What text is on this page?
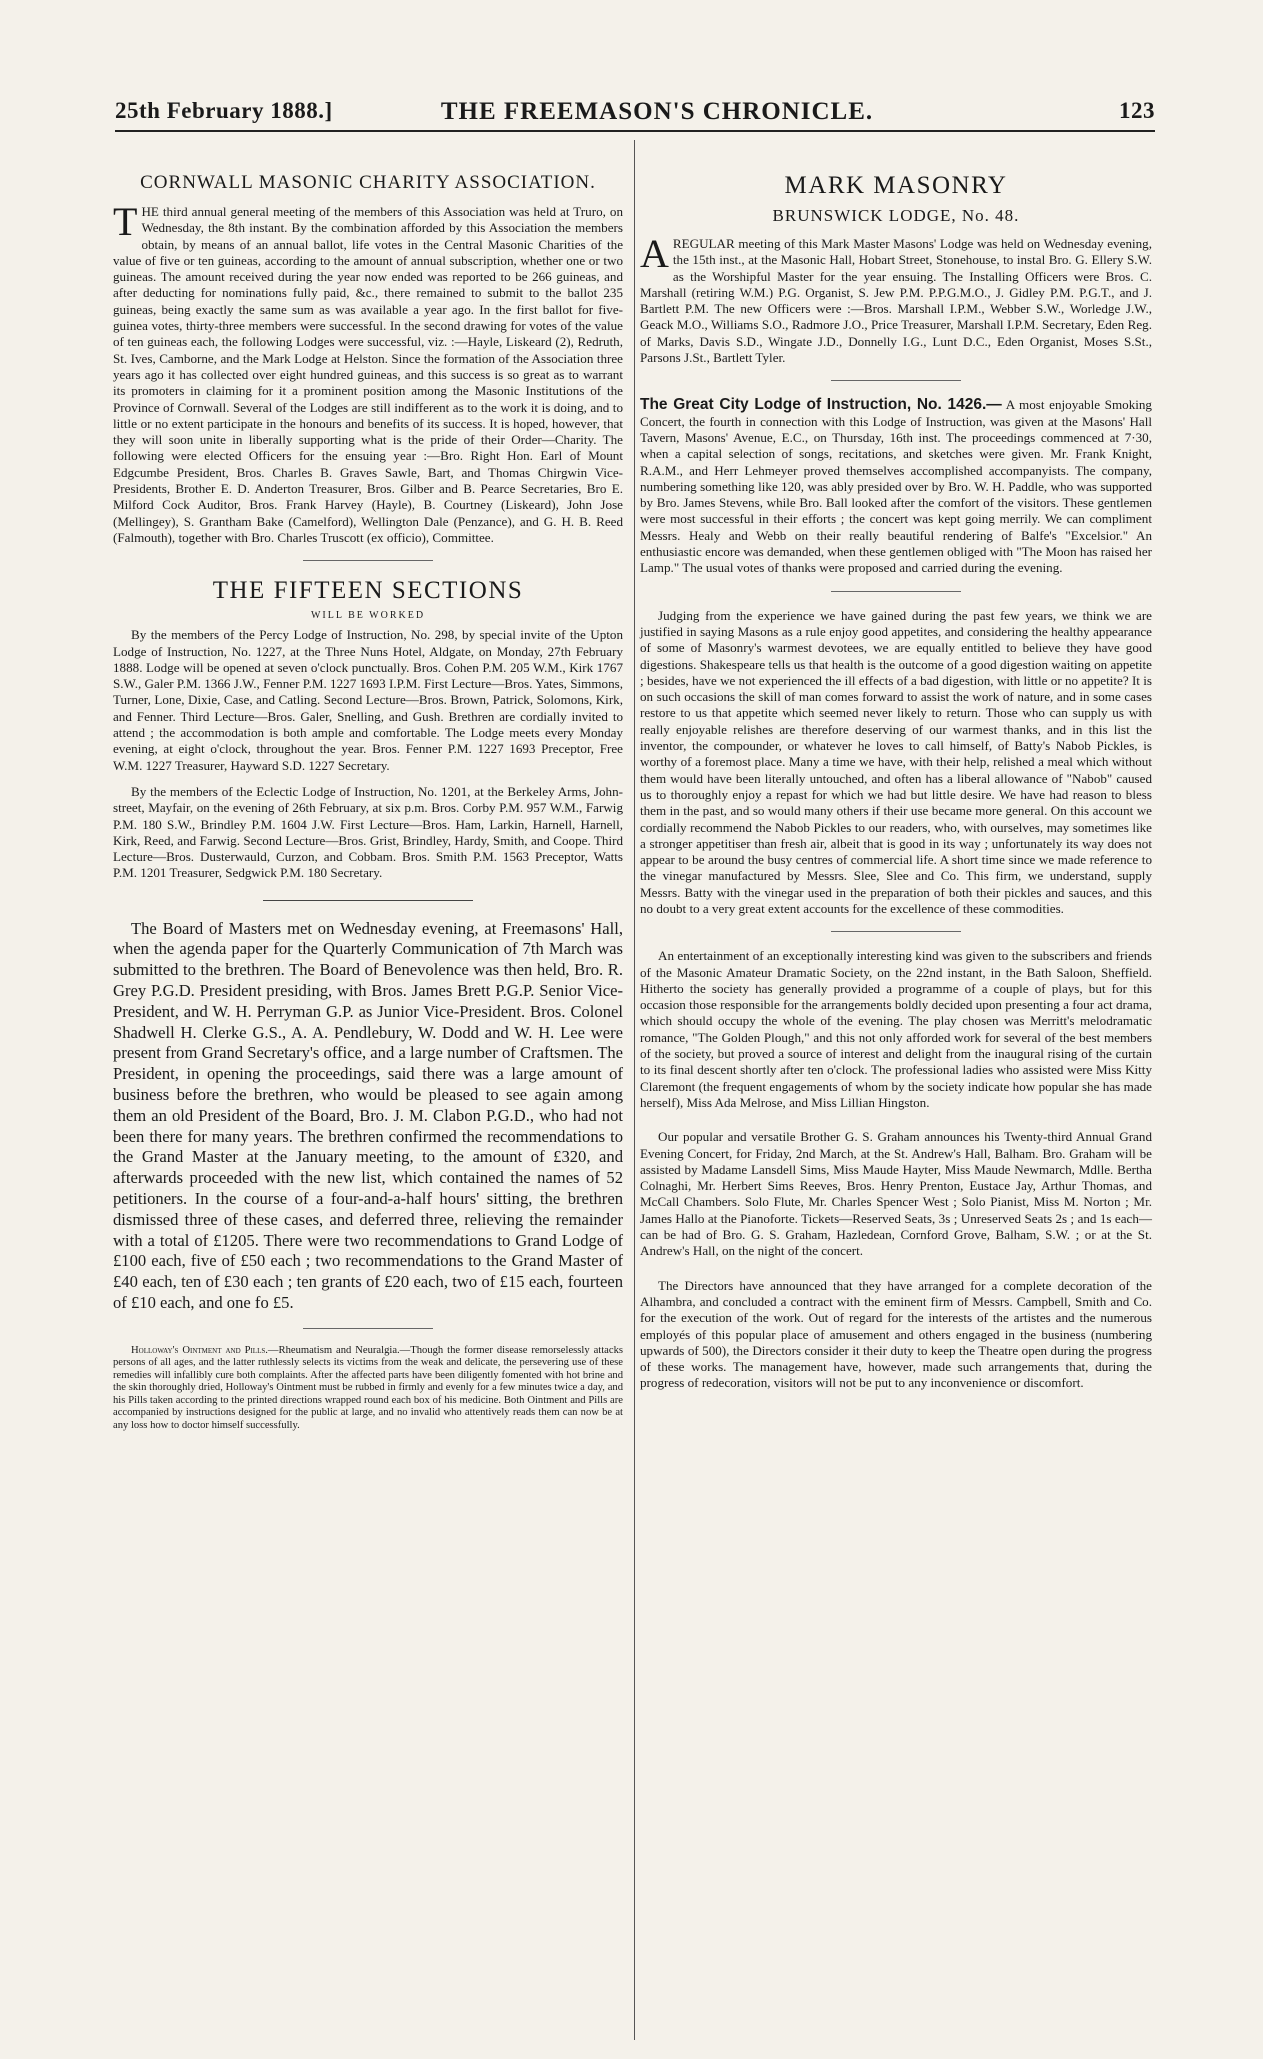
25th February 1888.]	THE FREEMASON'S CHRONICLE.	123
CORNWALL MASONIC CHARITY ASSOCIATION.

THE third annual general meeting of the members of this Association was held at Truro, on Wednesday, the 8th instant. By the combination afforded by this Association the members obtain, by means of an annual ballot, life votes in the Central Masonic Charities of the value of five or ten guineas, according to the amount of annual subscription, whether one or two guineas. The amount received during the year now ended was reported to be 266 guineas, and after deducting for nominations fully paid, &c., there remained to submit to the ballot 235 guineas, being exactly the same sum as was available a year ago. In the first ballot for five-guinea votes, thirty-three members were successful. In the second drawing for votes of the value of ten guineas each, the following Lodges were successful, viz. :—Hayle, Liskeard (2), Redruth, St. Ives, Camborne, and the Mark Lodge at Helston. Since the formation of the Association three years ago it has collected over eight hundred guineas, and this success is so great as to warrant its promoters in claiming for it a prominent position among the Masonic Institutions of the Province of Cornwall. Several of the Lodges are still indifferent as to the work it is doing, and to little or no extent participate in the honours and benefits of its success. It is hoped, however, that they will soon unite in liberally supporting what is the pride of their Order—Charity. The following were elected Officers for the ensuing year :—Bro. Right Hon. Earl of Mount Edgcumbe President, Bros. Charles B. Graves Sawle, Bart, and Thomas Chirgwin Vice-Presidents, Brother E. D. Anderton Treasurer, Bros. Gilber and B. Pearce Secretaries, Bro E. Milford Cock Auditor, Bros. Frank Harvey (Hayle), B. Courtney (Liskeard), John Jose (Mellingey), S. Grantham Bake (Camelford), Wellington Dale (Penzance), and G. H. B. Reed (Falmouth), together with Bro. Charles Truscott (ex officio), Committee.

THE FIFTEEN SECTIONS
WILL BE WORKED

By the members of the Percy Lodge of Instruction, No. 298, by special invite of the Upton Lodge of Instruction, No. 1227, at the Three Nuns Hotel, Aldgate, on Monday, 27th February 1888. Lodge will be opened at seven o'clock punctually. Bros. Cohen P.M. 205 W.M., Kirk 1767 S.W., Galer P.M. 1366 J.W., Fenner P.M. 1227 1693 I.P.M. First Lecture—Bros. Yates, Simmons, Turner, Lone, Dixie, Case, and Catling. Second Lecture—Bros. Brown, Patrick, Solomons, Kirk, and Fenner. Third Lecture—Bros. Galer, Snelling, and Gush. Brethren are cordially invited to attend ; the accommodation is both ample and comfortable. The Lodge meets every Monday evening, at eight o'clock, throughout the year. Bros. Fenner P.M. 1227 1693 Preceptor, Free W.M. 1227 Treasurer, Hayward S.D. 1227 Secretary.

By the members of the Eclectic Lodge of Instruction, No. 1201, at the Berkeley Arms, John-street, Mayfair, on the evening of 26th February, at six p.m. Bros. Corby P.M. 957 W.M., Farwig P.M. 180 S.W., Brindley P.M. 1604 J.W. First Lecture—Bros. Ham, Larkin, Harnell, Harnell, Kirk, Reed, and Farwig. Second Lecture—Bros. Grist, Brindley, Hardy, Smith, and Coope. Third Lecture—Bros. Dusterwauld, Curzon, and Cobbam. Bros. Smith P.M. 1563 Preceptor, Watts P.M. 1201 Treasurer, Sedgwick P.M. 180 Secretary.

The Board of Masters met on Wednesday evening, at Freemasons' Hall, when the agenda paper for the Quarterly Communication of 7th March was submitted to the brethren. The Board of Benevolence was then held, Bro. R. Grey P.G.D. President presiding, with Bros. James Brett P.G.P. Senior Vice-President, and W. H. Perryman G.P. as Junior Vice-President. Bros. Colonel Shadwell H. Clerke G.S., A. A. Pendlebury, W. Dodd and W. H. Lee were present from Grand Secretary's office, and a large number of Craftsmen. The President, in opening the proceedings, said there was a large amount of business before the brethren, who would be pleased to see again among them an old President of the Board, Bro. J. M. Clabon P.G.D., who had not been there for many years. The brethren confirmed the recommendations to the Grand Master at the January meeting, to the amount of £320, and afterwards proceeded with the new list, which contained the names of 52 petitioners. In the course of a four-and-a-half hours' sitting, the brethren dismissed three of these cases, and deferred three, relieving the remainder with a total of £1205. There were two recommendations to Grand Lodge of £100 each, five of £50 each ; two recommendations to the Grand Master of £40 each, ten of £30 each ; ten grants of £20 each, two of £15 each, fourteen of £10 each, and one fo £5.

Holloway's Ointment and Pills.—Rheumatism and Neuralgia.—Though the former disease remorselessly attacks persons of all ages, and the latter ruthlessly selects its victims from the weak and delicate, the persevering use of these remedies will infallibly cure both complaints. After the affected parts have been diligently fomented with hot brine and the skin thoroughly dried, Holloway's Ointment must be rubbed in firmly and evenly for a few minutes twice a day, and his Pills taken according to the printed directions wrapped round each box of his medicine. Both Ointment and Pills are accompanied by instructions designed for the public at large, and no invalid who attentively reads them can now be at any loss how to doctor himself successfully.

MARK MASONRY
BRUNSWICK LODGE, No. 48.

AREGULAR meeting of this Mark Master Masons' Lodge was held on Wednesday evening, the 15th inst., at the Masonic Hall, Hobart Street, Stonehouse, to instal Bro. G. Ellery S.W. as the Worshipful Master for the year ensuing. The Installing Officers were Bros. C. Marshall (retiring W.M.) P.G. Organist, S. Jew P.M. P.P.G.M.O., J. Gidley P.M. P.G.T., and J. Bartlett P.M. The new Officers were :—Bros. Marshall I.P.M., Webber S.W., Worledge J.W., Geack M.O., Williams S.O., Radmore J.O., Price Treasurer, Marshall I.P.M. Secretary, Eden Reg. of Marks, Davis S.D., Wingate J.D., Donnelly I.G., Lunt D.C., Eden Organist, Moses S.St., Parsons J.St., Bartlett Tyler.

The Great City Lodge of Instruction, No. 1426.— A most enjoyable Smoking Concert, the fourth in connection with this Lodge of Instruction, was given at the Masons' Hall Tavern, Masons' Avenue, E.C., on Thursday, 16th inst. The proceedings commenced at 7·30, when a capital selection of songs, recitations, and sketches were given. Mr. Frank Knight, R.A.M., and Herr Lehmeyer proved themselves accomplished accompanyists. The company, numbering something like 120, was ably presided over by Bro. W. H. Paddle, who was supported by Bro. James Stevens, while Bro. Ball looked after the comfort of the visitors. These gentlemen were most successful in their efforts ; the concert was kept going merrily. We can compliment Messrs. Healy and Webb on their really beautiful rendering of Balfe's "Excelsior." An enthusiastic encore was demanded, when these gentlemen obliged with "The Moon has raised her Lamp." The usual votes of thanks were proposed and carried during the evening.

Judging from the experience we have gained during the past few years, we think we are justified in saying Masons as a rule enjoy good appetites, and considering the healthy appearance of some of Masonry's warmest devotees, we are equally entitled to believe they have good digestions. Shakespeare tells us that health is the outcome of a good digestion waiting on appetite ; besides, have we not experienced the ill effects of a bad digestion, with little or no appetite? It is on such occasions the skill of man comes forward to assist the work of nature, and in some cases restore to us that appetite which seemed never likely to return. Those who can supply us with really enjoyable relishes are therefore deserving of our warmest thanks, and in this list the inventor, the compounder, or whatever he loves to call himself, of Batty's Nabob Pickles, is worthy of a foremost place. Many a time we have, with their help, relished a meal which without them would have been literally untouched, and often has a liberal allowance of "Nabob" caused us to thoroughly enjoy a repast for which we had but little desire. We have had reason to bless them in the past, and so would many others if their use became more general. On this account we cordially recommend the Nabob Pickles to our readers, who, with ourselves, may sometimes like a stronger appetitiser than fresh air, albeit that is good in its way ; unfortunately its way does not appear to be around the busy centres of commercial life. A short time since we made reference to the vinegar manufactured by Messrs. Slee, Slee and Co. This firm, we understand, supply Messrs. Batty with the vinegar used in the preparation of both their pickles and sauces, and this no doubt to a very great extent accounts for the excellence of these commodities.

An entertainment of an exceptionally interesting kind was given to the subscribers and friends of the Masonic Amateur Dramatic Society, on the 22nd instant, in the Bath Saloon, Sheffield. Hitherto the society has generally provided a programme of a couple of plays, but for this occasion those responsible for the arrangements boldly decided upon presenting a four act drama, which should occupy the whole of the evening. The play chosen was Merritt's melodramatic romance, "The Golden Plough," and this not only afforded work for several of the best members of the society, but proved a source of interest and delight from the inaugural rising of the curtain to its final descent shortly after ten o'clock. The professional ladies who assisted were Miss Kitty Claremont (the frequent engagements of whom by the society indicate how popular she has made herself), Miss Ada Melrose, and Miss Lillian Hingston.

Our popular and versatile Brother G. S. Graham announces his Twenty-third Annual Grand Evening Concert, for Friday, 2nd March, at the St. Andrew's Hall, Balham. Bro. Graham will be assisted by Madame Lansdell Sims, Miss Maude Hayter, Miss Maude Newmarch, Mdlle. Bertha Colnaghi, Mr. Herbert Sims Reeves, Bros. Henry Prenton, Eustace Jay, Arthur Thomas, and McCall Chambers. Solo Flute, Mr. Charles Spencer West ; Solo Pianist, Miss M. Norton ; Mr. James Hallo at the Pianoforte. Tickets—Reserved Seats, 3s ; Unreserved Seats 2s ; and 1s each—can be had of Bro. G. S. Graham, Hazledean, Cornford Grove, Balham, S.W. ; or at the St. Andrew's Hall, on the night of the concert.

The Directors have announced that they have arranged for a complete decoration of the Alhambra, and concluded a contract with the eminent firm of Messrs. Campbell, Smith and Co. for the execution of the work. Out of regard for the interests of the artistes and the numerous employés of this popular place of amusement and others engaged in the business (numbering upwards of 500), the Directors consider it their duty to keep the Theatre open during the progress of these works. The management have, however, made such arrangements that, during the progress of redecoration, visitors will not be put to any inconvenience or discomfort.
